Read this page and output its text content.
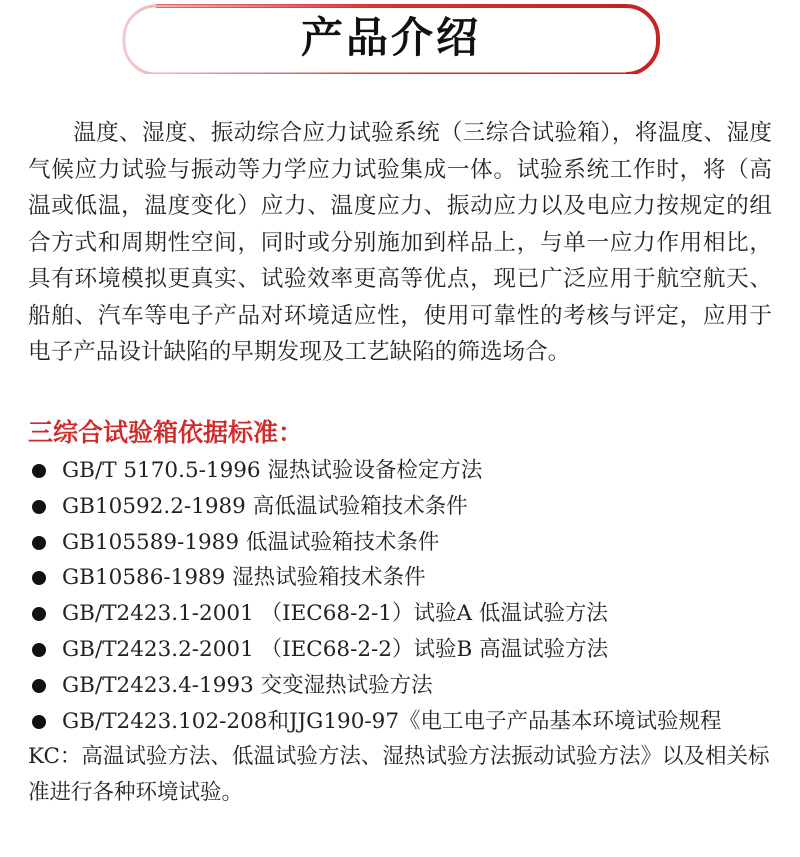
产品介绍

温度、湿度、振动综合应力试验系统（三综合试验箱），将温度、湿度气候应力试验与振动等力学应力试验集成一体。试验系统工作时，将（高温或低温，温度变化）应力、温度应力、振动应力以及电应力按规定的组合方式和周期性空间，同时或分别施加到样品上，与单一应力作用相比，具有环境模拟更真实、试验效率更高等优点，现已广泛应用于航空航天、船舶、汽车等电子产品对环境适应性，使用可靠性的考核与评定，应用于电子产品设计缺陷的早期发现及工艺缺陷的筛选场合。

三综合试验箱依据标准：
GB/T 5170.5-1996 湿热试验设备检定方法
GB10592.2-1989 高低温试验箱技术条件
GB105589-1989 低温试验箱技术条件
GB10586-1989 湿热试验箱技术条件
GB/T2423.1-2001 （IEC68-2-1）试验A 低温试验方法
GB/T2423.2-2001 （IEC68-2-2）试验B 高温试验方法
GB/T2423.4-1993 交变湿热试验方法
GB/T2423.102-208和JJG190-97《电工电子产品基本环境试验规程 KC：高温试验方法、低温试验方法、湿热试验方法振动试验方法》以及相关标准进行各种环境试验。
